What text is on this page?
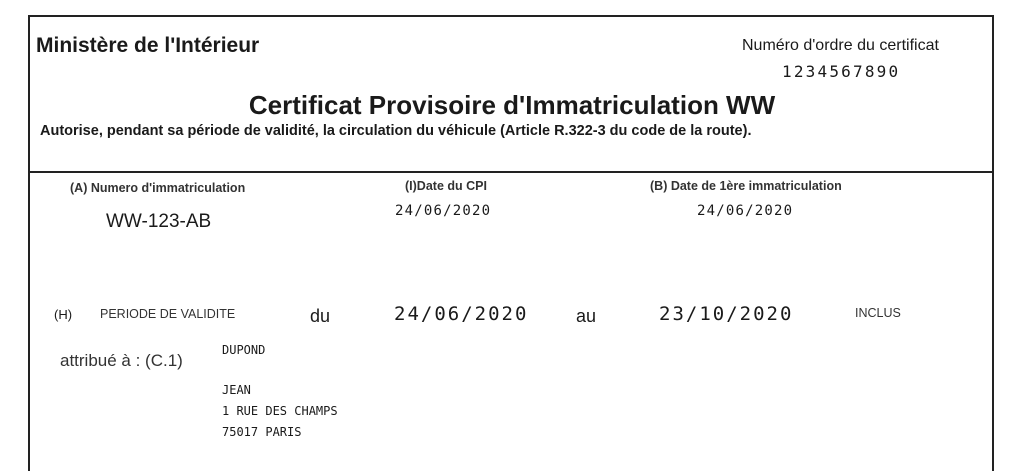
Ministère de l'Intérieur	Numéro d'ordre du certificat
1234567890
Certificat Provisoire d'Immatriculation WW
Autorise, pendant sa période de validité, la circulation du véhicule (Article R.322-3 du code de la route).
(A) Numero d'immatriculation	(I)Date du CPI	(B) Date de 1ère immatriculation
WW-123-AB	24/06/2020	24/06/2020
(H) PERIODE DE VALIDITE	du	24/06/2020	au	23/10/2020	INCLUS
attribué à : (C.1)
DUPOND
JEAN
1 RUE DES CHAMPS
75017 PARIS
